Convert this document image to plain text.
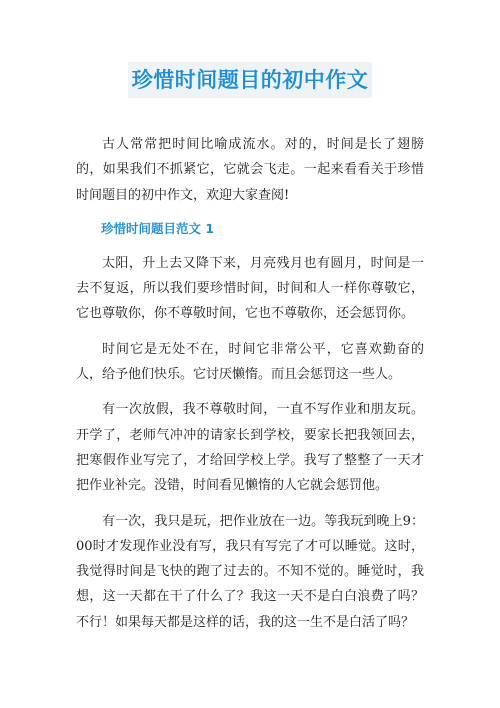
珍惜时间题目的初中作文

古人常常把时间比喻成流水。对的，时间是长了翅膀的，如果我们不抓紧它，它就会飞走。一起来看看关于珍惜时间题目的初中作文，欢迎大家查阅!

珍惜时间题目范文 1

太阳，升上去又降下来，月亮残月也有圆月，时间是一去不复返，所以我们要珍惜时间，时间和人一样你尊敬它，它也尊敬你，你不尊敬时间，它也不尊敬你，还会惩罚你。

时间它是无处不在，时间它非常公平，它喜欢勤奋的人，给予他们快乐。它讨厌懒惰。而且会惩罚这一些人。

有一次放假，我不尊敬时间，一直不写作业和朋友玩。开学了，老师气冲冲的请家长到学校，要家长把我领回去，把寒假作业写完了，才给回学校上学。我写了整整了一天才把作业补完。没错，时间看见懒惰的人它就会惩罚他。

有一次，我只是玩，把作业放在一边。等我玩到晚上9：00时才发现作业没有写，我只有写完了才可以睡觉。这时，我觉得时间是飞快的跑了过去的。不知不觉的。睡觉时，我想，这一天都在干了什么了？我这一天不是白白浪费了吗？不行！如果每天都是这样的话，我的这一生不是白活了吗？
